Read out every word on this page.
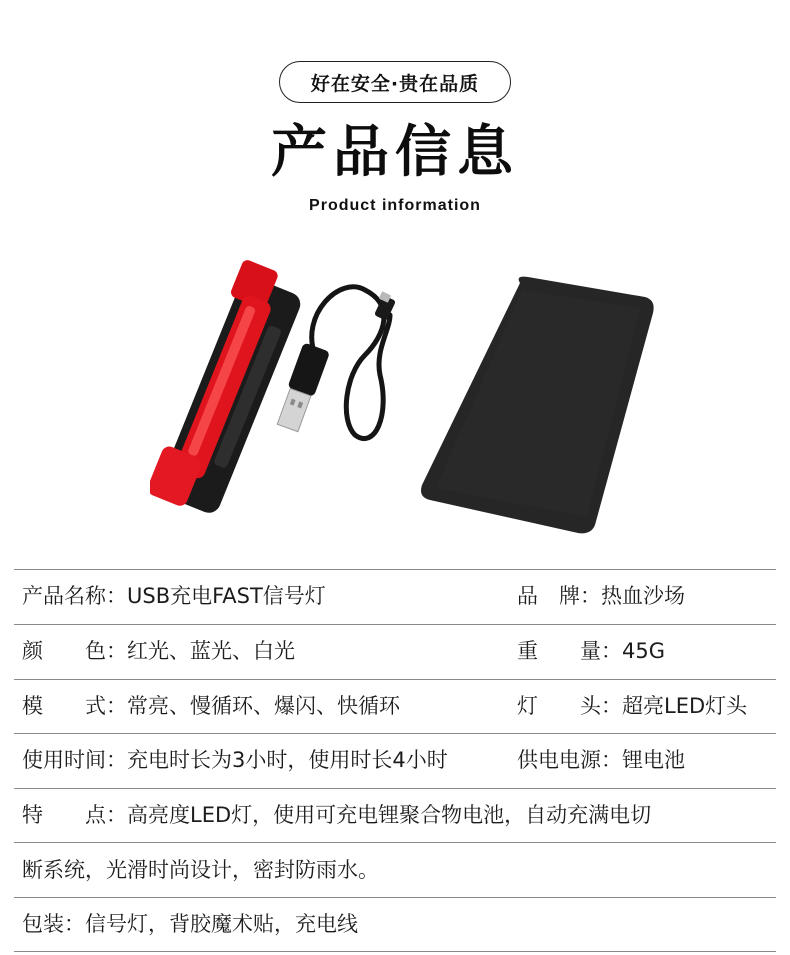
好在安全·贵在品质
产品信息
Product information
产品名称：USB充电FAST信号灯	品　牌：热血沙场
颜　　色：红光、蓝光、白光	重　　量：45G
模　　式：常亮、慢循环、爆闪、快循环	灯　　头：超亮LED灯头
使用时间：充电时长为3小时，使用时长4小时	供电电源：锂电池
特　　点：高亮度LED灯，使用可充电锂聚合物电池，自动充满电切
断系统，光滑时尚设计，密封防雨水。
包装：信号灯，背胶魔术贴，充电线
